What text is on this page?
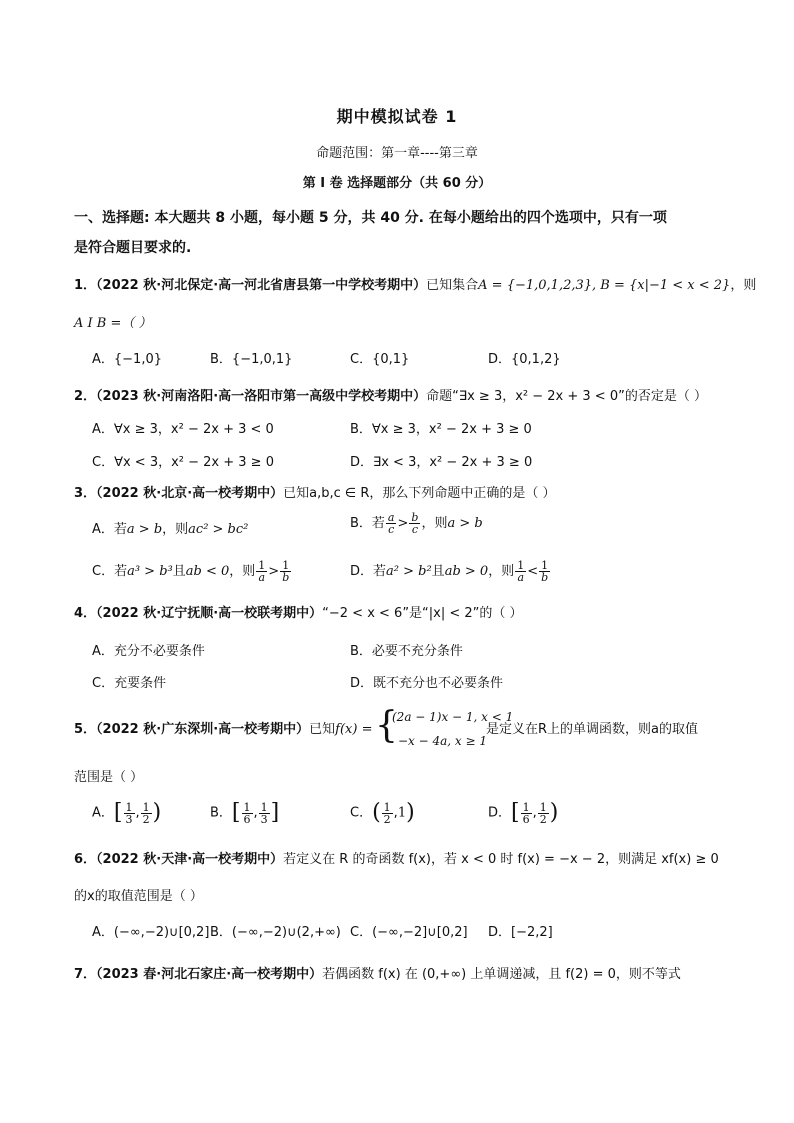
期中模拟试卷 1
命题范围：第一章----第三章
第 I 卷 选择题部分（共 60 分）
一、选择题: 本大题共 8 小题，每小题 5 分，共 40 分. 在每小题给出的四个选项中，只有一项
是符合题目要求的.
1．（2022 秋·河北保定·高一河北省唐县第一中学校考期中）已知集合A = {−1,0,1,2,3}, B = {x|−1 < x < 2}，则
A I B =（ ）
A．{−1,0}	B．{−1,0,1}	C．{0,1}	D．{0,1,2}
2．（2023 秋·河南洛阳·高一洛阳市第一高级中学校考期中）命题“∃x ≥ 3，x² − 2x + 3 < 0”的否定是（ ）
A．∀x ≥ 3，x² − 2x + 3 < 0	B．∀x ≥ 3，x² − 2x + 3 ≥ 0
C．∀x < 3，x² − 2x + 3 ≥ 0	D．∃x < 3，x² − 2x + 3 ≥ 0
3．（2022 秋·北京·高一校考期中）已知a,b,c ∈ R，那么下列命题中正确的是（ ）
A．若a > b，则ac² > bc²	B．若 $\frac{a}{c} > \frac{b}{c}$ ，则a > b
C．若a³ > b³且ab < 0，则 $\frac{1}{a} > \frac{1}{b}$	D．若a² > b²且ab > 0，则 $\frac{1}{a} < \frac{1}{b}$
4．（2022 秋·辽宁抚顺·高一校联考期中）“−2 < x < 6”是“|x| < 2”的（ ）
A．充分不必要条件	B．必要不充分条件
C．充要条件	D．既不充分也不必要条件
5．（2022 秋·广东深圳·高一校考期中）已知f(x) = {
(2a − 1)x − 1, x < 1
−x − 4a, x ≥ 1
是定义在R上的单调函数，则a的取值
范围是（ ）
A．[ $\frac{1}{3}$ , $\frac{1}{2}$ )	B．[ $\frac{1}{6}$ , $\frac{1}{3}$ ]	C．( $\frac{1}{2} ,1$)	D．[ $\frac{1}{6}$ , $\frac{1}{2}$ )
6．（2022 秋·天津·高一校考期中）若定义在 R 的奇函数 f(x)，若 x < 0 时 f(x) = −x − 2，则满足 xf(x) ≥ 0
的x的取值范围是（ ）
A．(−∞,−2)∪[0,2] B．(−∞,−2)∪(2,+∞) C．(−∞,−2]∪[0,2] D．[−2,2]
7．（2023 春·河北石家庄·高一校考期中）若偶函数 f(x) 在 (0,+∞) 上单调递减，且 f(2) = 0，则不等式
